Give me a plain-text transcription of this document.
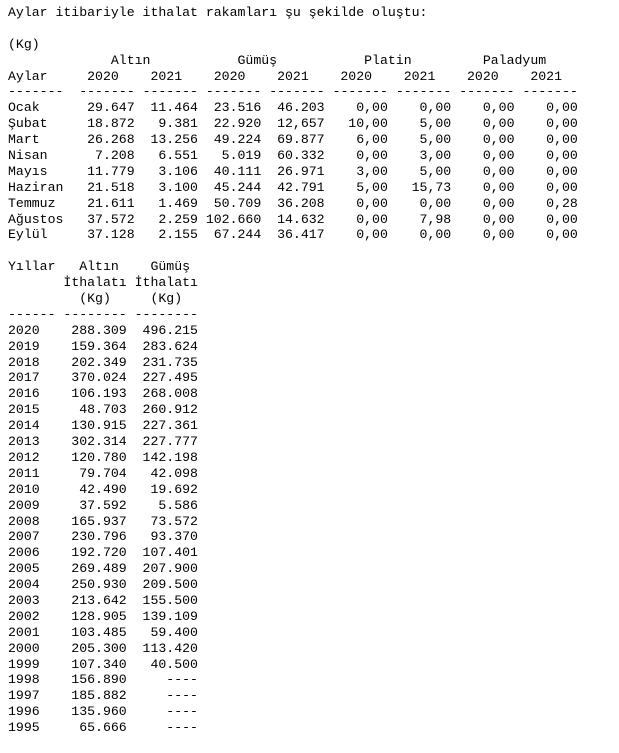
Aylar itibariyle ithalat rakamları şu şekilde oluştu:
(Kg)
Altın           Gümüş           Platin         Paladyum
Aylar     2020    2021    2020    2021    2020    2021    2020    2021
-------  ------- ------- ------- ------- ------- ------- ------- -------
Ocak      29.647  11.464  23.516  46.203    0,00    0,00    0,00    0,00
Şubat     18.872   9.381  22.920  12,657   10,00    5,00    0,00    0,00
Mart      26.268  13.256  49.224  69.877    6,00    5,00    0,00    0,00
Nisan      7.208   6.551   5.019  60.332    0,00    3,00    0,00    0,00
Mayıs     11.779   3.106  40.111  26.971    3,00    5,00    0,00    0,00
Haziran   21.518   3.100  45.244  42.791    5,00   15,73    0,00    0,00
Temmuz    21.611   1.469  50.709  36.208    0,00    0,00    0,00    0,28
Ağustos   37.572   2.259 102.660  14.632    0,00    7,98    0,00    0,00
Eylül     37.128   2.155  67.244  36.417    0,00    0,00    0,00    0,00
Yıllar   Altın    Gümüş
İthalatı İthalatı
(Kg)     (Kg)
------ -------- --------
2020    288.309  496.215
2019    159.364  283.624
2018    202.349  231.735
2017    370.024  227.495
2016    106.193  268.008
2015     48.703  260.912
2014    130.915  227.361
2013    302.314  227.777
2012    120.780  142.198
2011     79.704   42.098
2010     42.490   19.692
2009     37.592    5.586
2008    165.937   73.572
2007    230.796   93.370
2006    192.720  107.401
2005    269.489  207.900
2004    250.930  209.500
2003    213.642  155.500
2002    128.905  139.109
2001    103.485   59.400
2000    205.300  113.420
1999    107.340   40.500
1998    156.890     ----
1997    185.882     ----
1996    135.960     ----
1995     65.666     ----
